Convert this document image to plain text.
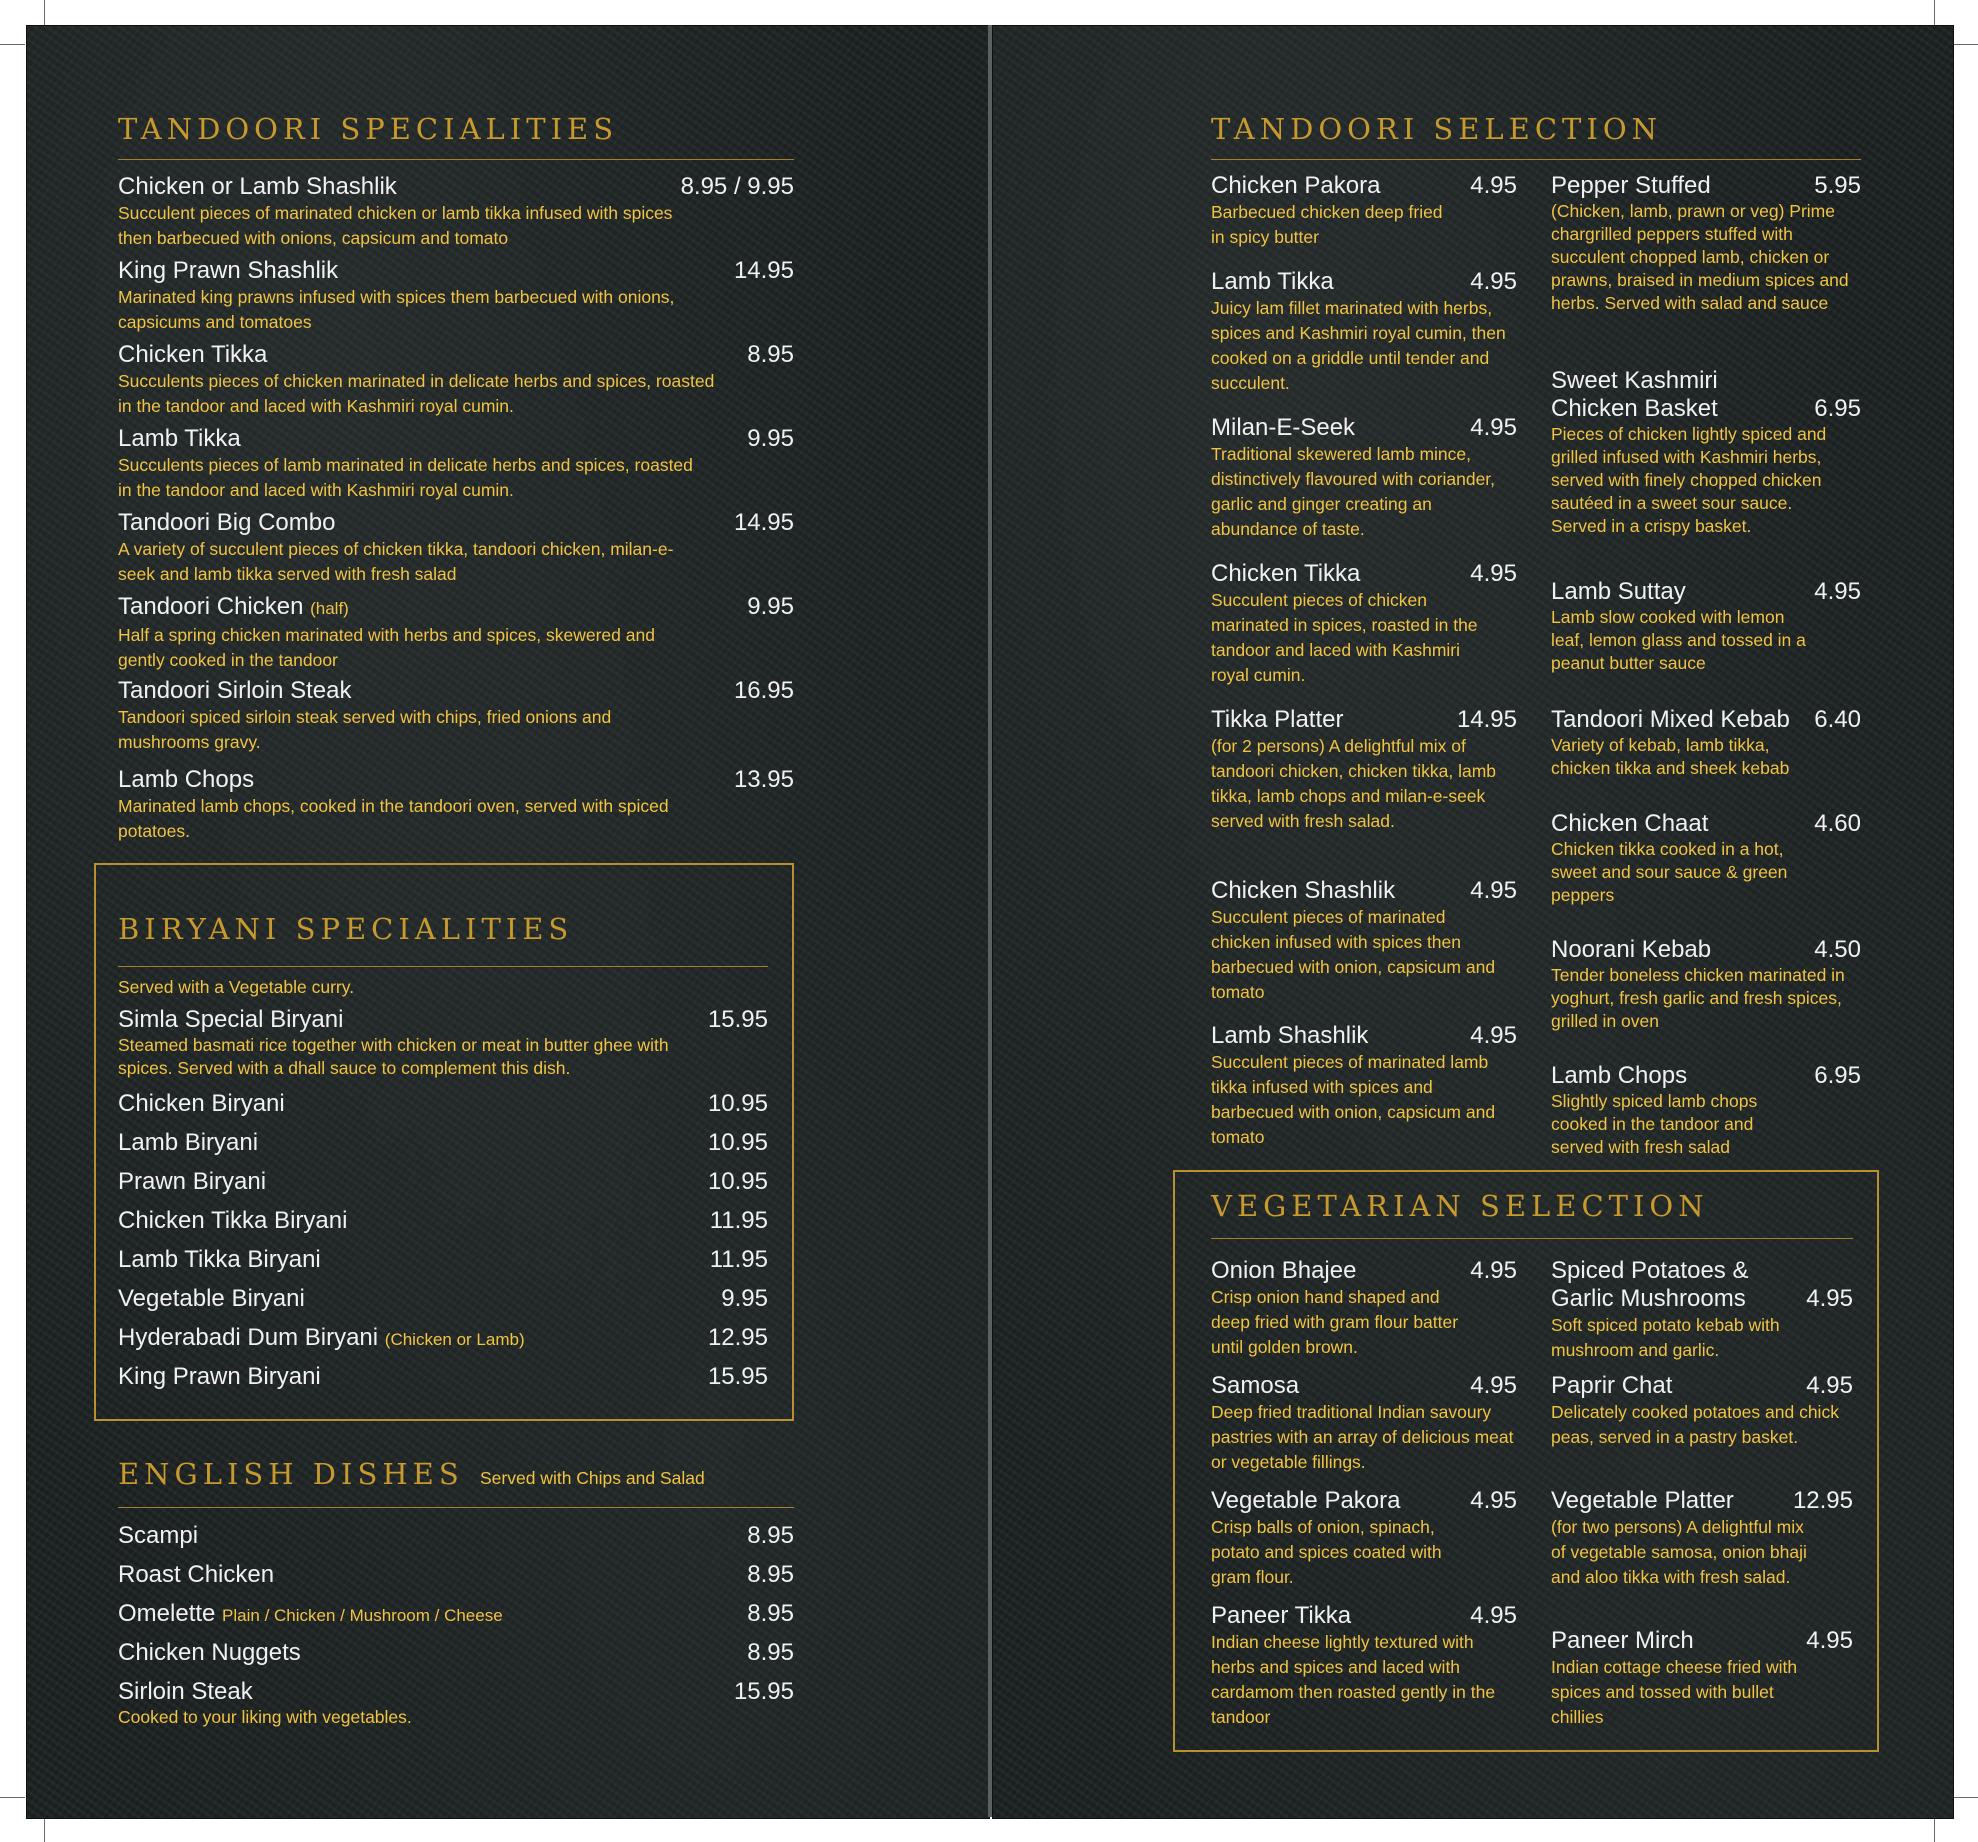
TANDOORI SPECIALITIES
Chicken or Lamb Shashlik	8.95 / 9.95
Succulent pieces of marinated chicken or lamb tikka infused with spices then barbecued with onions, capsicum and tomato
King Prawn Shashlik	14.95
Marinated king prawns infused with spices them barbecued with onions, capsicums and tomatoes
Chicken Tikka	8.95
Succulents pieces of chicken marinated in delicate herbs and spices, roasted in the tandoor and laced with Kashmiri royal cumin.
Lamb Tikka	9.95
Succulents pieces of lamb marinated in delicate herbs and spices, roasted in the tandoor and laced with Kashmiri royal cumin.
Tandoori Big Combo	14.95
A variety of succulent pieces of chicken tikka, tandoori chicken, milan-e-seek and lamb tikka served with fresh salad
Tandoori Chicken (half)	9.95
Half a spring chicken marinated with herbs and spices, skewered and gently cooked in the tandoor
Tandoori Sirloin Steak	16.95
Tandoori spiced sirloin steak served with chips, fried onions and mushrooms gravy.
Lamb Chops	13.95
Marinated lamb chops, cooked in the tandoori oven, served with spiced potatoes.
BIRYANI SPECIALITIES
Served with a Vegetable curry.
Simla Special Biryani	15.95
Steamed basmati rice together with chicken or meat in butter ghee with spices. Served with a dhall sauce to complement this dish.
Chicken Biryani	10.95
Lamb Biryani	10.95
Prawn Biryani	10.95
Chicken Tikka Biryani	11.95
Lamb Tikka Biryani	11.95
Vegetable Biryani	9.95
Hyderabadi Dum Biryani (Chicken or Lamb)	12.95
King Prawn Biryani	15.95
ENGLISH DISHES Served with Chips and Salad
Scampi	8.95
Roast Chicken	8.95
Omelette Plain / Chicken / Mushroom / Cheese	8.95
Chicken Nuggets	8.95
Sirloin Steak	15.95
Cooked to your liking with vegetables.
TANDOORI SELECTION
Chicken Pakora	4.95
Barbecued chicken deep fried in spicy butter
Lamb Tikka	4.95
Juicy lam fillet marinated with herbs, spices and Kashmiri royal cumin, then cooked on a griddle until tender and succulent.
Milan-E-Seek	4.95
Traditional skewered lamb mince, distinctively flavoured with coriander, garlic and ginger creating an abundance of taste.
Chicken Tikka	4.95
Succulent pieces of chicken marinated in spices, roasted in the tandoor and laced with Kashmiri royal cumin.
Tikka Platter	14.95
(for 2 persons) A delightful mix of tandoori chicken, chicken tikka, lamb tikka, lamb chops and milan-e-seek served with fresh salad.
Chicken Shashlik	4.95
Succulent pieces of marinated chicken infused with spices then barbecued with onion, capsicum and tomato
Lamb Shashlik	4.95
Succulent pieces of marinated lamb tikka infused with spices and barbecued with onion, capsicum and tomato
Pepper Stuffed	5.95
(Chicken, lamb, prawn or veg) Prime chargrilled peppers stuffed with succulent chopped lamb, chicken or prawns, braised in medium spices and herbs. Served with salad and sauce
Sweet Kashmiri Chicken Basket	6.95
Pieces of chicken lightly spiced and grilled infused with Kashmiri herbs, served with finely chopped chicken sautéed in a sweet sour sauce. Served in a crispy basket.
Lamb Suttay	4.95
Lamb slow cooked with lemon leaf, lemon glass and tossed in a peanut butter sauce
Tandoori Mixed Kebab	6.40
Variety of kebab, lamb tikka, chicken tikka and sheek kebab
Chicken Chaat	4.60
Chicken tikka cooked in a hot, sweet and sour sauce & green peppers
Noorani Kebab	4.50
Tender boneless chicken marinated in yoghurt, fresh garlic and fresh spices, grilled in oven
Lamb Chops	6.95
Slightly spiced lamb chops cooked in the tandoor and served with fresh salad
VEGETARIAN SELECTION
Onion Bhajee	4.95
Crisp onion hand shaped and deep fried with gram flour batter until golden brown.
Samosa	4.95
Deep fried traditional Indian savoury pastries with an array of delicious meat or vegetable fillings.
Vegetable Pakora	4.95
Crisp balls of onion, spinach, potato and spices coated with gram flour.
Paneer Tikka	4.95
Indian cheese lightly textured with herbs and spices and laced with cardamom then roasted gently in the tandoor
Spiced Potatoes & Garlic Mushrooms	4.95
Soft spiced potato kebab with mushroom and garlic.
Paprir Chat	4.95
Delicately cooked potatoes and chick peas, served in a pastry basket.
Vegetable Platter	12.95
(for two persons) A delightful mix of vegetable samosa, onion bhaji and aloo tikka with fresh salad.
Paneer Mirch	4.95
Indian cottage cheese fried with spices and tossed with bullet chillies
